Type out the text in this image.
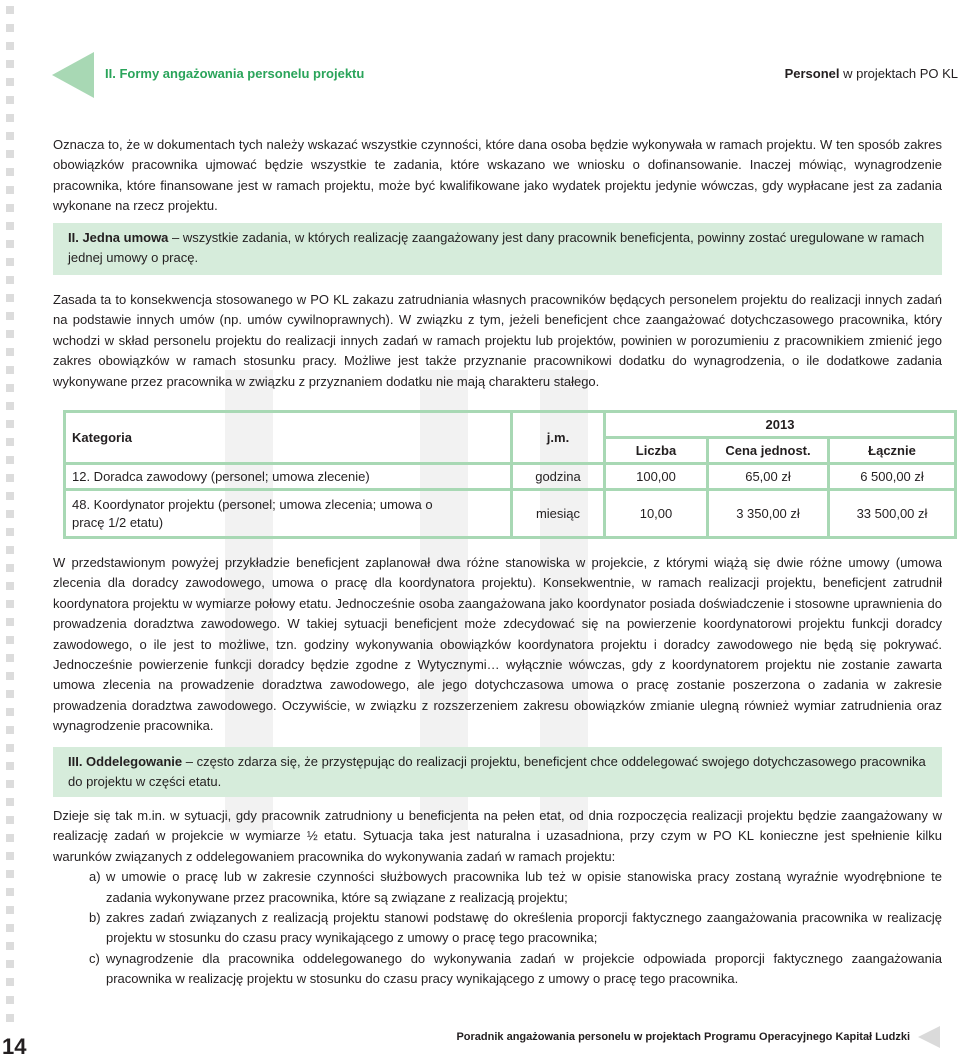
II. Formy angażowania personelu projektu	Personel w projektach PO KL
Oznacza to, że w dokumentach tych należy wskazać wszystkie czynności, które dana osoba będzie wykonywała w ramach projektu. W ten sposób zakres obowiązków pracownika ujmować będzie wszystkie te zadania, które wskazano we wniosku o dofinansowanie. Inaczej mówiąc, wynagrodzenie pracownika, które finansowane jest w ramach projektu, może być kwalifikowane jako wydatek projektu jedynie wówczas, gdy wypłacane jest za zadania wykonane na rzecz projektu.
II. Jedna umowa – wszystkie zadania, w których realizację zaangażowany jest dany pracownik beneficjenta, powinny zostać uregulowane w ramach jednej umowy o pracę.
Zasada ta to konsekwencja stosowanego w PO KL zakazu zatrudniania własnych pracowników będących personelem projektu do realizacji innych zadań na podstawie innych umów (np. umów cywilnoprawnych). W związku z tym, jeżeli beneficjent chce zaangażować dotychczasowego pracownika, który wchodzi w skład personelu projektu do realizacji innych zadań w ramach projektu lub projektów, powinien w porozumieniu z pracownikiem zmienić jego zakres obowiązków w ramach stosunku pracy. Możliwe jest także przyznanie pracownikowi dodatku do wynagrodzenia, o ile dodatkowe zadania wykonywane przez pracownika w związku z przyznaniem dodatku nie mają charakteru stałego.
Kategoria	j.m.	2013		
		Liczba	Cena jednost.	Łącznie
12. Doradca zawodowy (personel; umowa zlecenie)	godzina	100,00	65,00 zł	6 500,00 zł
48. Koordynator projektu (personel; umowa zlecenia; umowa o pracę 1/2 etatu)	miesiąc	10,00	3 350,00 zł	33 500,00 zł
W przedstawionym powyżej przykładzie beneficjent zaplanował dwa różne stanowiska w projekcie, z którymi wiążą się dwie różne umowy (umowa zlecenia dla doradcy zawodowego, umowa o pracę dla koordynatora projektu). Konsekwentnie, w ramach realizacji projektu, beneficjent zatrudnił koordynatora projektu w wymiarze połowy etatu. Jednocześnie osoba zaangażowana jako koordynator posiada doświadczenie i stosowne uprawnienia do prowadzenia doradztwa zawodowego. W takiej sytuacji beneficjent może zdecydować się na powierzenie koordynatorowi projektu funkcji doradcy zawodowego, o ile jest to możliwe, tzn. godziny wykonywania obowiązków koordynatora projektu i doradcy zawodowego nie będą się pokrywać. Jednocześnie powierzenie funkcji doradcy będzie zgodne z Wytycznymi… wyłącznie wówczas, gdy z koordynatorem projektu nie zostanie zawarta umowa zlecenia na prowadzenie doradztwa zawodowego, ale jego dotychczasowa umowa o pracę zostanie poszerzona o zadania w zakresie prowadzenia doradztwa zawodowego. Oczywiście, w związku z rozszerzeniem zakresu obowiązków zmianie ulegną również wymiar zatrudnienia oraz wynagrodzenie pracownika.
III. Oddelegowanie – często zdarza się, że przystępując do realizacji projektu, beneficjent chce oddelegować swojego dotychczasowego pracownika do projektu w części etatu.
Dzieje się tak m.in. w sytuacji, gdy pracownik zatrudniony u beneficjenta na pełen etat, od dnia rozpoczęcia realizacji projektu będzie zaangażowany w realizację zadań w projekcie w wymiarze ½ etatu. Sytuacja taka jest naturalna i uzasadniona, przy czym w PO KL konieczne jest spełnienie kilku warunków związanych z oddelegowaniem pracownika do wykonywania zadań w ramach projektu:
a) w umowie o pracę lub w zakresie czynności służbowych pracownika lub też w opisie stanowiska pracy zostaną wyraźnie wyodrębnione te zadania wykonywane przez pracownika, które są związane z realizacją projektu;
b) zakres zadań związanych z realizacją projektu stanowi podstawę do określenia proporcji faktycznego zaangażowania pracownika w realizację projektu w stosunku do czasu pracy wynikającego z umowy o pracę tego pracownika;
c) wynagrodzenie dla pracownika oddelegowanego do wykonywania zadań w projekcie odpowiada proporcji faktycznego zaangażowania pracownika w realizację projektu w stosunku do czasu pracy wynikającego z umowy o pracę tego pracownika.
14	Poradnik angażowania personelu w projektach Programu Operacyjnego Kapitał Ludzki
